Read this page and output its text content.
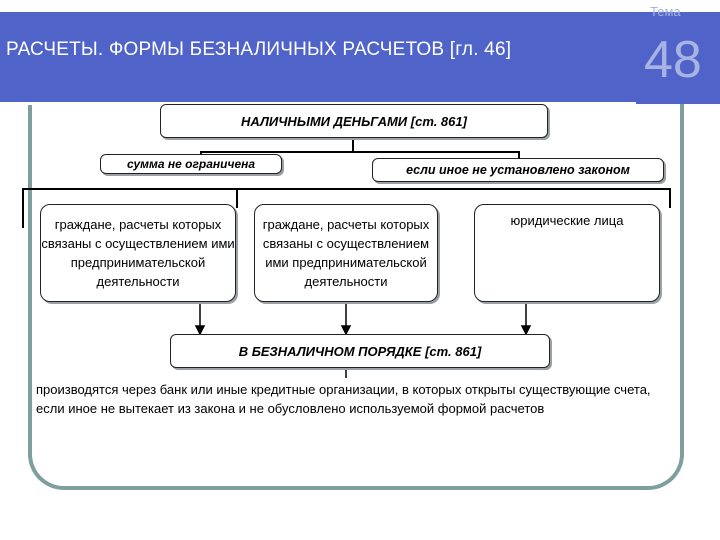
РАСЧЕТЫ. ФОРМЫ БЕЗНАЛИЧНЫХ РАСЧЕТОВ [гл. 46]
Тема
48
НАЛИЧНЫМИ ДЕНЬГАМИ [ст. 861]
сумма не ограничена	если иное не установлено законом
граждане, расчеты которых связаны с осуществлением ими предпринимательской деятельности
граждане, расчеты которых связаны с осуществлением ими предпринимательской деятельности
юридические лица
В БЕЗНАЛИЧНОМ ПОРЯДКЕ [ст. 861]
производятся через банк или иные кредитные организации, в которых открыты существующие счета, если иное не вытекает из закона и не обусловлено используемой формой расчетов
